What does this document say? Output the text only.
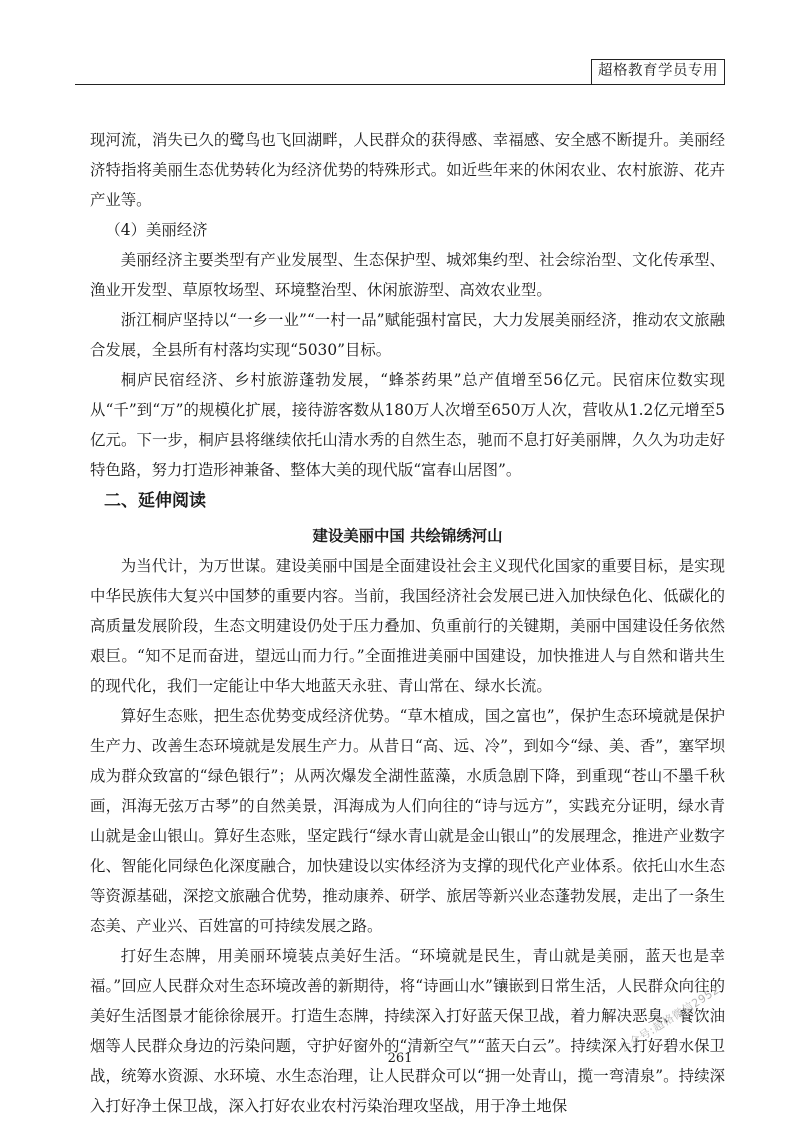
超格教育学员专用

现河流，消失已久的鹭鸟也飞回湖畔，人民群众的获得感、幸福感、安全感不断提升。美丽经济特指将美丽生态优势转化为经济优势的特殊形式。如近些年来的休闲农业、农村旅游、花卉产业等。

（4）美丽经济

美丽经济主要类型有产业发展型、生态保护型、城郊集约型、社会综治型、文化传承型、渔业开发型、草原牧场型、环境整治型、休闲旅游型、高效农业型。

浙江桐庐坚持以“一乡一业”“一村一品”赋能强村富民，大力发展美丽经济，推动农文旅融合发展，全县所有村落均实现“5030”目标。

桐庐民宿经济、乡村旅游蓬勃发展，“蜂茶药果”总产值增至56亿元。民宿床位数实现从“千”到“万”的规模化扩展，接待游客数从180万人次增至650万人次，营收从1.2亿元增至5亿元。下一步，桐庐县将继续依托山清水秀的自然生态，驰而不息打好美丽牌，久久为功走好特色路，努力打造形神兼备、整体大美的现代版“富春山居图”。

二、延伸阅读
建设美丽中国 共绘锦绣河山

为当代计，为万世谋。建设美丽中国是全面建设社会主义现代化国家的重要目标，是实现中华民族伟大复兴中国梦的重要内容。当前，我国经济社会发展已进入加快绿色化、低碳化的高质量发展阶段，生态文明建设仍处于压力叠加、负重前行的关键期，美丽中国建设任务依然艰巨。“知不足而奋进，望远山而力行。”全面推进美丽中国建设，加快推进人与自然和谐共生的现代化，我们一定能让中华大地蓝天永驻、青山常在、绿水长流。

算好生态账，把生态优势变成经济优势。“草木植成，国之富也”，保护生态环境就是保护生产力、改善生态环境就是发展生产力。从昔日“高、远、冷”，到如今“绿、美、香”，塞罕坝成为群众致富的“绿色银行”；从两次爆发全湖性蓝藻，水质急剧下降，到重现“苍山不墨千秋画，洱海无弦万古琴”的自然美景，洱海成为人们向往的“诗与远方”，实践充分证明，绿水青山就是金山银山。算好生态账，坚定践行“绿水青山就是金山银山”的发展理念，推进产业数字化、智能化同绿色化深度融合，加快建设以实体经济为支撑的现代化产业体系。依托山水生态等资源基础，深挖文旅融合优势，推动康养、研学、旅居等新兴业态蓬勃发展，走出了一条生态美、产业兴、百姓富的可持续发展之路。

打好生态牌，用美丽环境装点美好生活。“环境就是民生，青山就是美丽，蓝天也是幸福。”回应人民群众对生态环境改善的新期待，将“诗画山水”镶嵌到日常生活，人民群众向往的美好生活图景才能徐徐展开。打造生态牌，持续深入打好蓝天保卫战，着力解决恶臭、餐饮油烟等人民群众身边的污染问题，守护好窗外的“清新空气”“蓝天白云”。持续深入打好碧水保卫战，统筹水资源、水环境、水生态治理，让人民群众可以“拥一处青山，揽一弯清泉”。持续深入打好净土保卫战，深入打好农业农村污染治理攻坚战，用于净土地保

261
公众号:超格微信2952
